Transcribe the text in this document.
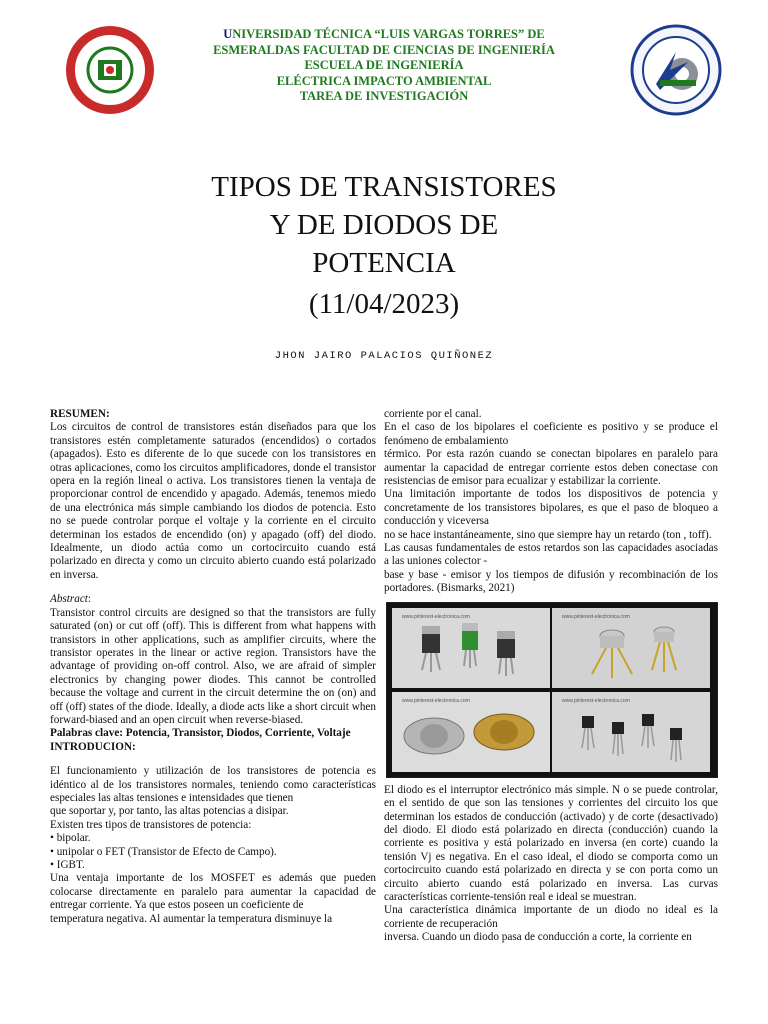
UNIVERSIDAD TÉCNICA “LUIS VARGAS TORRES” DE
ESMERALDAS FACULTAD DE CIENCIAS DE INGENIERÍA
ESCUELA DE INGENIERÍA
ELÉCTRICA IMPACTO AMBIENTAL
TAREA DE INVESTIGACIÓN
TIPOS DE TRANSISTORES
Y DE DIODOS DE
POTENCIA
(11/04/2023)
JHON JAIRO PALACIOS QUIÑONEZ

RESUMEN:

Los circuitos de control de transistores están diseñados para que los transistores estén completamente saturados (encendidos) o cortados (apagados). Esto es diferente de lo que sucede con los transistores en otras aplicaciones, como los circuitos amplificadores, donde el transistor opera en la región lineal o activa. Los transistores tienen la ventaja de proporcionar control de encendido y apagado. Además, tenemos miedo de una electrónica más simple cambiando los diodos de potencia. Esto no se puede controlar porque el voltaje y la corriente en el circuito determinan los estados de encendido (on) y apagado (off) del diodo. Idealmente, un diodo actúa como un cortocircuito cuando está polarizado en directa y como un circuito abierto cuando está polarizado en inversa.

Abstract:

Transistor control circuits are designed so that the transistors are fully saturated (on) or cut off (off). This is different from what happens with transistors in other applications, such as amplifier circuits, where the transistor operates in the linear or active region. Transistors have the advantage of providing on-off control. Also, we are afraid of simpler electronics by changing power diodes. This cannot be controlled because the voltage and current in the circuit determine the on (on) and off (off) states of the diode. Ideally, a diode acts like a short circuit when forward-biased and an open circuit when reverse-biased.

Palabras clave: Potencia, Transistor, Diodos, Corriente, Voltaje

INTRODUCION:

El funcionamiento y utilización de los transistores de potencia es idéntico al de los transistores normales, teniendo como características especiales las altas tensiones e intensidades que tienen

que soportar y, por tanto, las altas potencias a disipar.

Existen tres tipos de transistores de potencia:

• bipolar.

• unipolar o FET (Transistor de Efecto de Campo).

• IGBT.

Una ventaja importante de los MOSFET es además que pueden colocarse directamente en paralelo para aumentar la capacidad de entregar corriente. Ya que estos poseen un coeficiente de

temperatura negativa. Al aumentar la temperatura disminuye la

corriente por el canal.

En el caso de los bipolares el coeficiente es positivo y se produce el fenómeno de embalamiento

térmico. Por esta razón cuando se conectan bipolares en paralelo para aumentar la capacidad de entregar corriente estos deben conectase con resistencias de emisor para ecualizar y estabilizar la corriente.

Una limitación importante de todos los dispositivos de potencia y concretamente de los transistores bipolares, es que el paso de bloqueo a conducción y viceversa

no se hace instantáneamente, sino que siempre hay un retardo (ton , toff).

Las causas fundamentales de estos retardos son las capacidades asociadas a las uniones colector -

base y base - emisor y los tiempos de difusión y recombinación de los portadores. (Bismarks, 2021)

www.pinterest-electronica.com	www.pinterest-electronica.com
www.pinterest-electronica.com	www.pinterest-electronica.com

El diodo es el interruptor electrónico más simple. N o se puede controlar, en el sentido de que son las tensiones y corrientes del circuito los que determinan los estados de conducción (activado) y de corte (desactivado) del diodo. El diodo está polarizado en directa (conducción) cuando la corriente es positiva y está polarizado en inversa (en corte) cuando la tensión Vj es negativa. En el caso ideal, el diodo se comporta como un cortocircuito cuando está polarizado en directa y se con porta como un circuito abierto cuando está polarizado en inversa. Las curvas características corriente-tensión real e ideal se muestran.

Una característica dinámica importante de un diodo no ideal es la corriente de recuperación

inversa. Cuando un diodo pasa de conducción a corte, la corriente en
